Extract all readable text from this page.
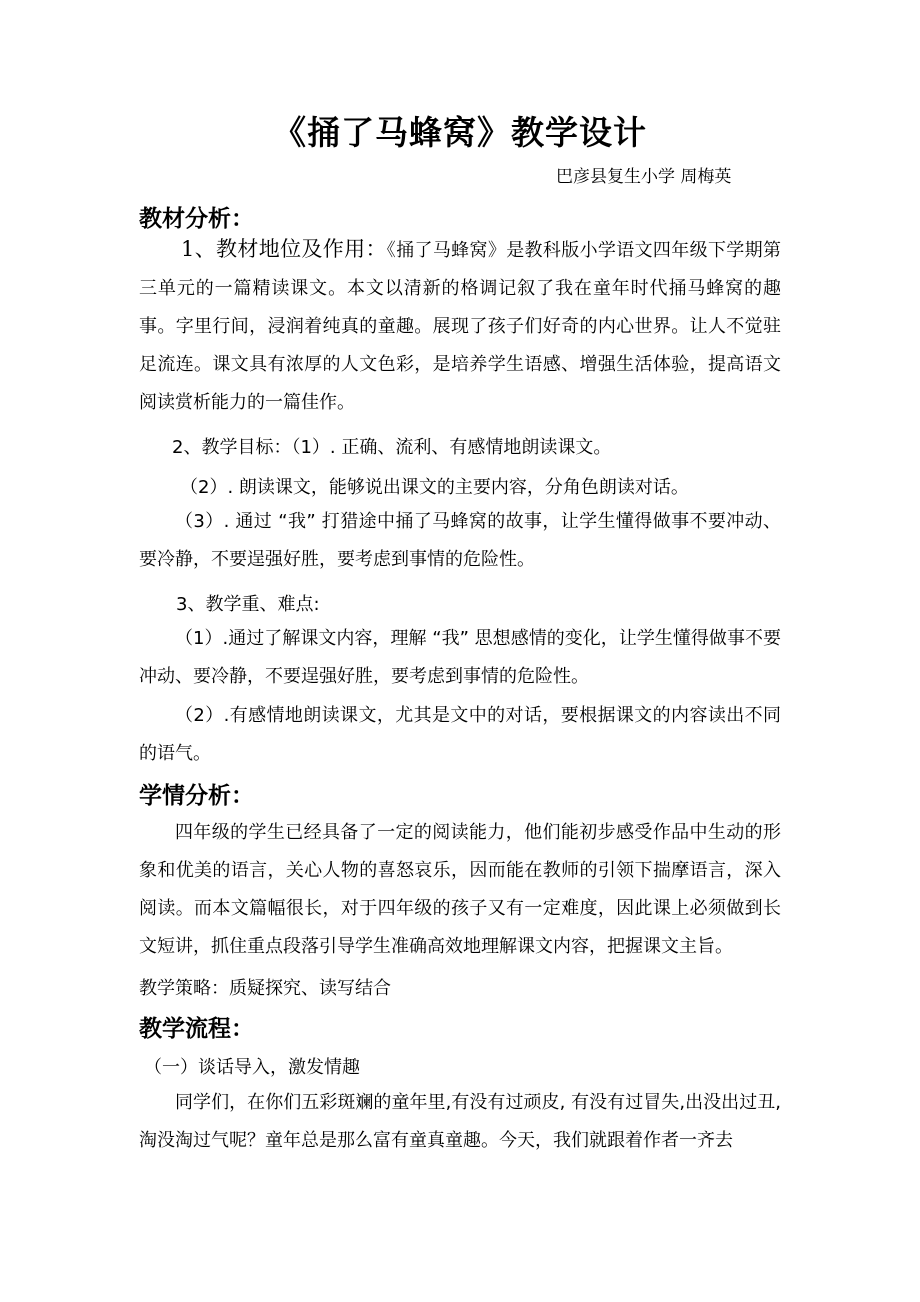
《捅了马蜂窝》教学设计
巴彦县复生小学 周梅英
教材分析：
1、教材地位及作用：《捅了马蜂窝》是教科版小学语文四年级下学期第三单元的一篇精读课文。本文以清新的格调记叙了我在童年时代捅马蜂窝的趣事。字里行间，浸润着纯真的童趣。展现了孩子们好奇的内心世界。让人不觉驻足流连。课文具有浓厚的人文色彩，是培养学生语感、增强生活体验，提高语文阅读赏析能力的一篇佳作。
2、教学目标：（1）. 正确、流利、有感情地朗读课文。
（2）. 朗读课文，能够说出课文的主要内容，分角色朗读对话。
（3）. 通过 “我” 打猎途中捅了马蜂窝的故事，让学生懂得做事不要冲动、要冷静，不要逞强好胜，要考虑到事情的危险性。
3、教学重、难点:
（1）.通过了解课文内容，理解 “我” 思想感情的变化，让学生懂得做事不要冲动、要冷静，不要逞强好胜，要考虑到事情的危险性。
（2）.有感情地朗读课文，尤其是文中的对话，要根据课文的内容读出不同的语气。
学情分析：
四年级的学生已经具备了一定的阅读能力，他们能初步感受作品中生动的形象和优美的语言，关心人物的喜怒哀乐，因而能在教师的引领下揣摩语言，深入阅读。而本文篇幅很长，对于四年级的孩子又有一定难度，因此课上必须做到长文短讲，抓住重点段落引导学生准确高效地理解课文内容，把握课文主旨。
教学策略：质疑探究、读写结合
教学流程：
（一）谈话导入，激发情趣
同学们，在你们五彩斑斓的童年里,有没有过顽皮, 有没有过冒失,出没出过丑,淘没淘过气呢？童年总是那么富有童真童趣。今天，我们就跟着作者一齐去
